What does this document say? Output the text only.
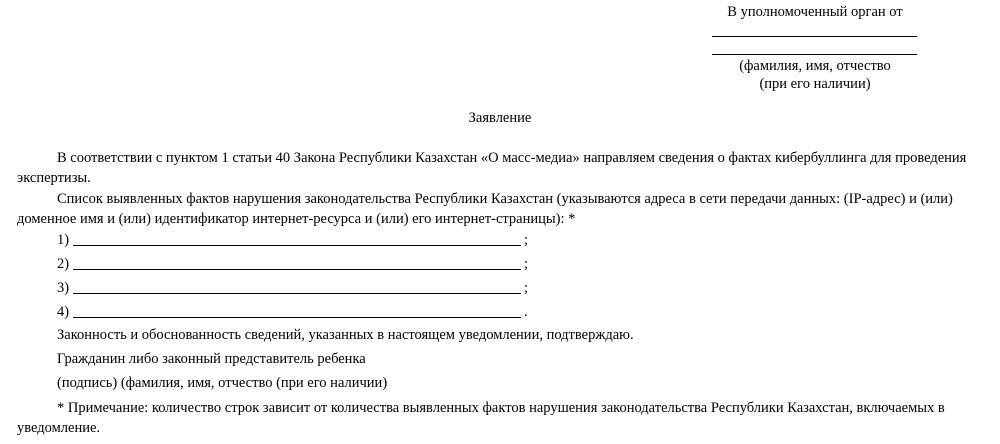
В уполномоченный орган от
(фамилия, имя, отчество
(при его наличии)
Заявление
В соответствии с пунктом 1 статьи 40 Закона Республики Казахстан «О масс-медиа» направляем сведения о фактах кибербуллинга для проведения экспертизы.
Список выявленных фактов нарушения законодательства Республики Казахстан (указываются адреса в сети передачи данных: (IP-адрес) и (или) доменное имя и (или) идентификатор интернет-ресурса и (или) его интернет-страницы): *
1)	;
2)	;
3)	;
4)	.
Законность и обоснованность сведений, указанных в настоящем уведомлении, подтверждаю.
Гражданин либо законный представитель ребенка
(подпись) (фамилия, имя, отчество (при его наличии)
* Примечание: количество строк зависит от количества выявленных фактов нарушения законодательства Республики Казахстан, включаемых в уведомление.
